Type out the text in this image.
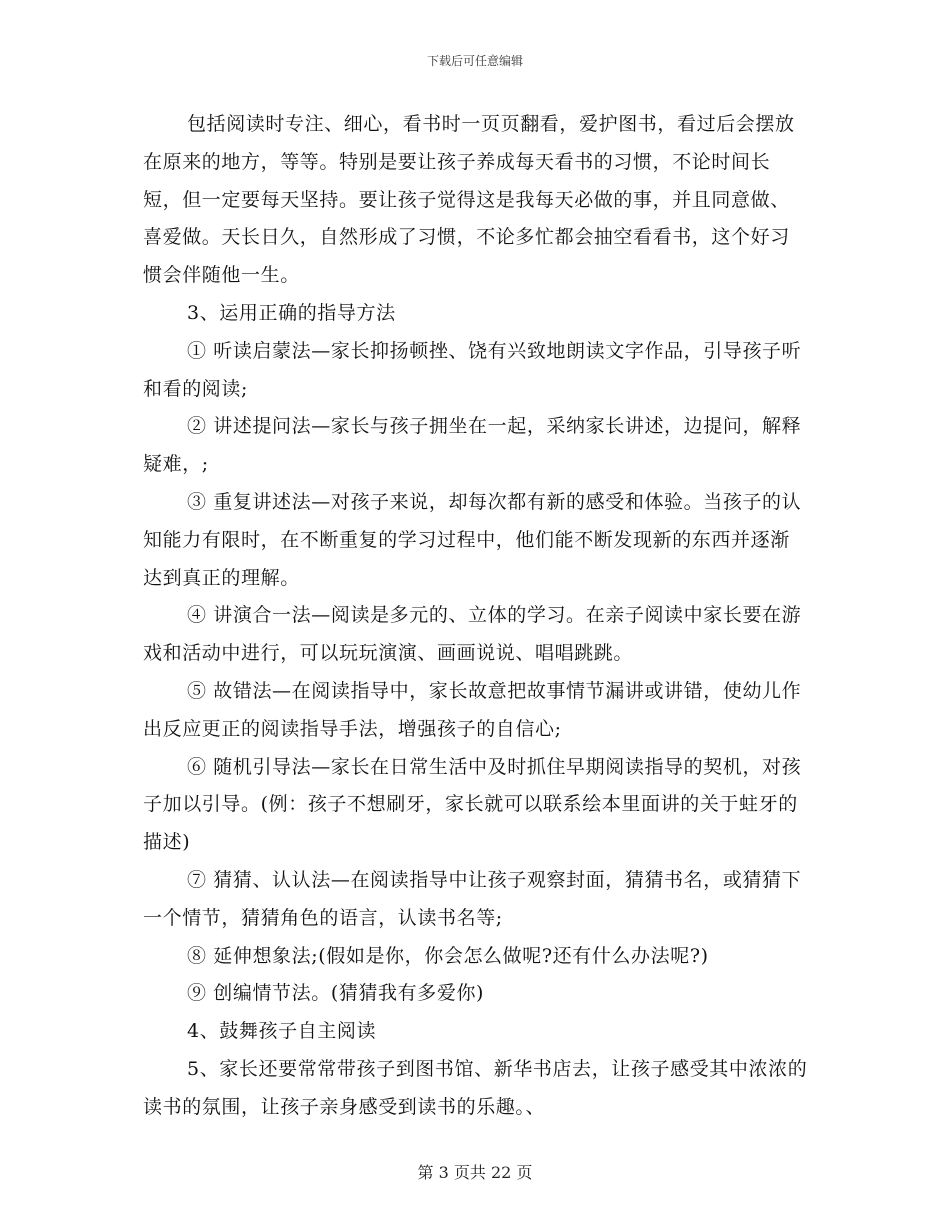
下载后可任意编辑

包括阅读时专注、细心，看书时一页页翻看，爱护图书，看过后会摆放在原来的地方，等等。特别是要让孩子养成每天看书的习惯，不论时间长短，但一定要每天坚持。要让孩子觉得这是我每天必做的事，并且同意做、喜爱做。天长日久，自然形成了习惯，不论多忙都会抽空看看书，这个好习惯会伴随他一生。

3、运用正确的指导方法

① 听读启蒙法—家长抑扬顿挫、饶有兴致地朗读文字作品，引导孩子听和看的阅读;

② 讲述提问法—家长与孩子拥坐在一起，采纳家长讲述，边提问，解释疑难，;

③ 重复讲述法—对孩子来说，却每次都有新的感受和体验。当孩子的认知能力有限时，在不断重复的学习过程中，他们能不断发现新的东西并逐渐达到真正的理解。

④ 讲演合一法—阅读是多元的、立体的学习。在亲子阅读中家长要在游戏和活动中进行，可以玩玩演演、画画说说、唱唱跳跳。

⑤ 故错法—在阅读指导中，家长故意把故事情节漏讲或讲错，使幼儿作出反应更正的阅读指导手法，增强孩子的自信心;

⑥ 随机引导法—家长在日常生活中及时抓住早期阅读指导的契机，对孩子加以引导。(例：孩子不想刷牙，家长就可以联系绘本里面讲的关于蛀牙的描述)

⑦ 猜猜、认认法—在阅读指导中让孩子观察封面，猜猜书名，或猜猜下一个情节，猜猜角色的语言，认读书名等;

⑧ 延伸想象法;(假如是你，你会怎么做呢?还有什么办法呢?)

⑨ 创编情节法。(猜猜我有多爱你)

4、鼓舞孩子自主阅读

5、家长还要常常带孩子到图书馆、新华书店去，让孩子感受其中浓浓的读书的氛围，让孩子亲身感受到读书的乐趣。、

第 3 页共 22 页
